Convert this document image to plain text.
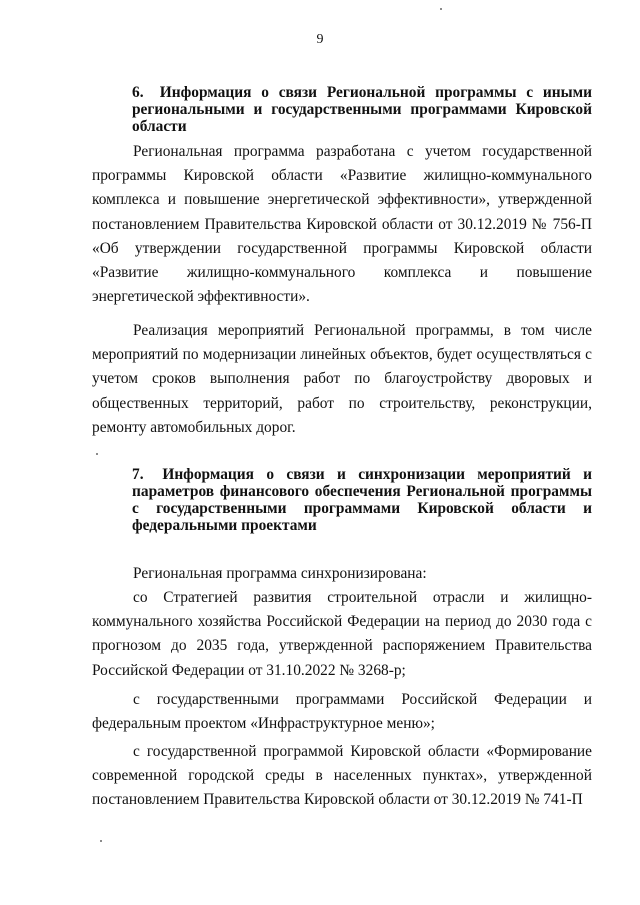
9
6. Информация о связи Региональной программы с иными региональными и государственными программами Кировской области

Региональная программа разработана с учетом государственной программы Кировской области «Развитие жилищно-коммунального комплекса и повышение энергетической эффективности», утвержденной постановлением Правительства Кировской области от 30.12.2019 № 756-П «Об утверждении государственной программы Кировской области «Развитие жилищно-коммунального комплекса и повышение энергетической эффективности».

Реализация мероприятий Региональной программы, в том числе мероприятий по модернизации линейных объектов, будет осуществляться с учетом сроков выполнения работ по благоустройству дворовых и общественных территорий, работ по строительству, реконструкции, ремонту автомобильных дорог.

7. Информация о связи и синхронизации мероприятий и параметров финансового обеспечения Региональной программы с государственными программами Кировской области и федеральными проектами

Региональная программа синхронизирована:

со Стратегией развития строительной отрасли и жилищно-коммунального хозяйства Российской Федерации на период до 2030 года с прогнозом до 2035 года, утвержденной распоряжением Правительства Российской Федерации от 31.10.2022 № 3268-р;

с государственными программами Российской Федерации и федеральным проектом «Инфраструктурное меню»;

с государственной программой Кировской области «Формирование современной городской среды в населенных пунктах», утвержденной постановлением Правительства Кировской области от 30.12.2019 № 741-П
